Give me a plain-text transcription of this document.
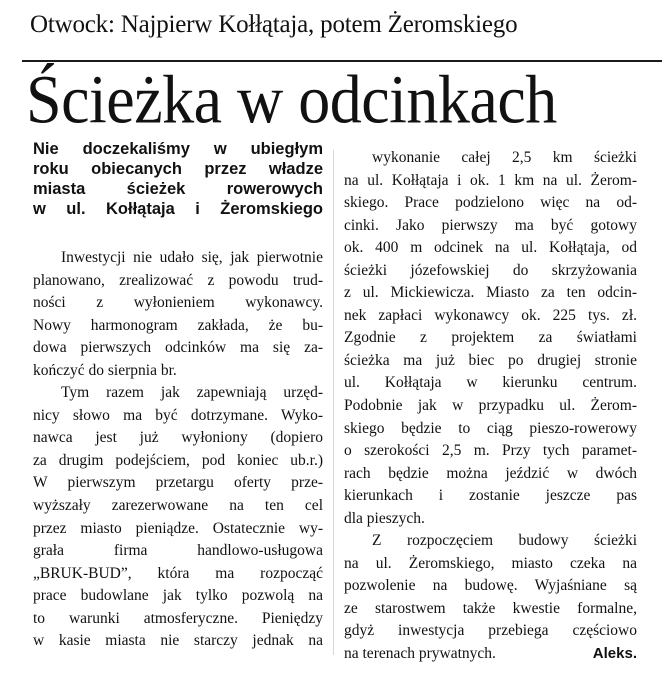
Otwock: Najpierw Kołłątaja, potem Żeromskiego
Ścieżka w odcinkach
Nie doczekaliśmy w ubiegłym
roku obiecanych przez władze
miasta ścieżek rowerowych
w ul. Kołłątaja i Żeromskiego
Inwestycji nie udało się, jak pierwotnie
planowano, zrealizować z powodu trud-
ności z wyłonieniem wykonawcy.
Nowy harmonogram zakłada, że bu-
dowa pierwszych odcinków ma się za-
kończyć do sierpnia br.
Tym razem jak zapewniają urzęd-
nicy słowo ma być dotrzymane. Wyko-
nawca jest już wyłoniony (dopiero
za drugim podejściem, pod koniec ub.r.)
W pierwszym przetargu oferty prze-
wyższały zarezerwowane na ten cel
przez miasto pieniądze. Ostatecznie wy-
grała firma handlowo-usługowa
„BRUK-BUD”, która ma rozpocząć
prace budowlane jak tylko pozwolą na
to warunki atmosferyczne. Pieniędzy
w kasie miasta nie starczy jednak na
wykonanie całej 2,5 km ścieżki
na ul. Kołłątaja i ok. 1 km na ul. Żerom-
skiego. Prace podzielono więc na od-
cinki. Jako pierwszy ma być gotowy
ok. 400 m odcinek na ul. Kołłątaja, od
ścieżki józefowskiej do skrzyżowania
z ul. Mickiewicza. Miasto za ten odcin-
nek zapłaci wykonawcy ok. 225 tys. zł.
Zgodnie z projektem za światłami
ścieżka ma już biec po drugiej stronie
ul. Kołłątaja w kierunku centrum.
Podobnie jak w przypadku ul. Żerom-
skiego będzie to ciąg pieszo-rowerowy
o szerokości 2,5 m. Przy tych paramet-
rach będzie można jeździć w dwóch
kierunkach i zostanie jeszcze pas
dla pieszych.
Z rozpoczęciem budowy ścieżki
na ul. Żeromskiego, miasto czeka na
pozwolenie na budowę. Wyjaśniane są
ze starostwem także kwestie formalne,
gdyż inwestycja przebiega częściowo
na terenach prywatnych.	Aleks.
